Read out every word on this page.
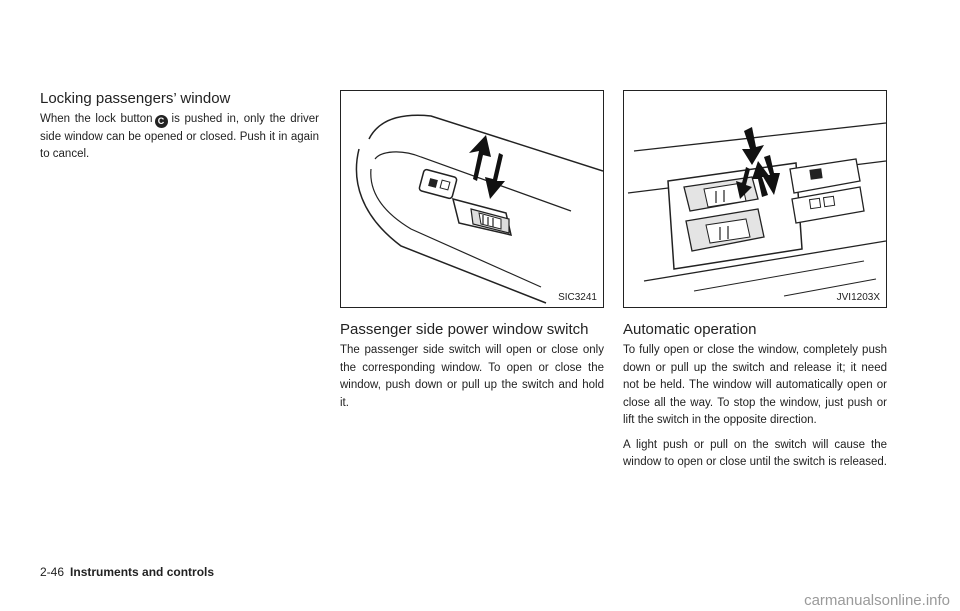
Locking passengers’ window
When the lock button C is pushed in, only the driver side window can be opened or closed. Push it in again to cancel.
SIC3241
Passenger side power window switch

The passenger side switch will open or close only the corresponding window. To open or close the window, push down or pull up the switch and hold it.

JVI1203X
Automatic operation

To fully open or close the window, completely push down or pull up the switch and release it; it need not be held. The window will automatically open or close all the way. To stop the window, just push or lift the switch in the opposite direction.

A light push or pull on the switch will cause the window to open or close until the switch is released.

2-46 Instruments and controls
carmanualsonline.info
